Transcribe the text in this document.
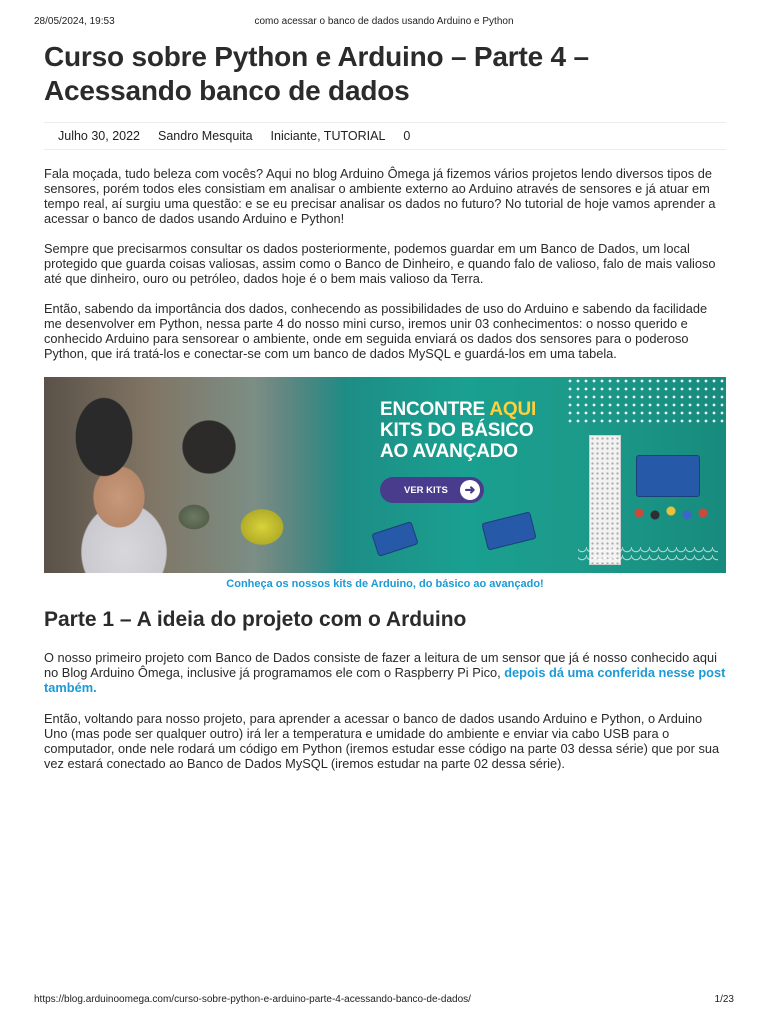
28/05/2024, 19:53	como acessar o banco de dados usando Arduino e Python
Curso sobre Python e Arduino – Parte 4 – Acessando banco de dados
Julho 30, 2022 Sandro Mesquita Iniciante, TUTORIAL 0

Fala moçada, tudo beleza com vocês? Aqui no blog Arduino Ômega já fizemos vários projetos lendo diversos tipos de sensores, porém todos eles consistiam em analisar o ambiente externo ao Arduino através de sensores e já atuar em tempo real, aí surgiu uma questão: e se eu precisar analisar os dados no futuro? No tutorial de hoje vamos aprender a acessar o banco de dados usando Arduino e Python!

Sempre que precisarmos consultar os dados posteriormente, podemos guardar em um Banco de Dados, um local protegido que guarda coisas valiosas, assim como o Banco de Dinheiro, e quando falo de valioso, falo de mais valioso até que dinheiro, ouro ou petróleo, dados hoje é o bem mais valioso da Terra.

Então, sabendo da importância dos dados, conhecendo as possibilidades de uso do Arduino e sabendo da facilidade me desenvolver em Python, nessa parte 4 do nosso mini curso, iremos unir 03 conhecimentos: o nosso querido e conhecido Arduino para sensorear o ambiente, onde em seguida enviará os dados dos sensores para o poderoso Python, que irá tratá-los e conectar-se com um banco de dados MySQL e guardá-los em uma tabela.

ENCONTRE AQUI
KITS DO BÁSICO
AO AVANÇADO
VER KITS	➜
Conheça os nossos kits de Arduino, do básico ao avançado!
Parte 1 – A ideia do projeto com o Arduino

O nosso primeiro projeto com Banco de Dados consiste de fazer a leitura de um sensor que já é nosso conhecido aqui no Blog Arduino Ômega, inclusive já programamos ele com o Raspberry Pi Pico, depois dá uma conferida nesse post também.

Então, voltando para nosso projeto, para aprender a acessar o banco de dados usando Arduino e Python, o Arduino Uno (mas pode ser qualquer outro) irá ler a temperatura e umidade do ambiente e enviar via cabo USB para o computador, onde nele rodará um código em Python (iremos estudar esse código na parte 03 dessa série) que por sua vez estará conectado ao Banco de Dados MySQL (iremos estudar na parte 02 dessa série).

https://blog.arduinoomega.com/curso-sobre-python-e-arduino-parte-4-acessando-banco-de-dados/	1/23
